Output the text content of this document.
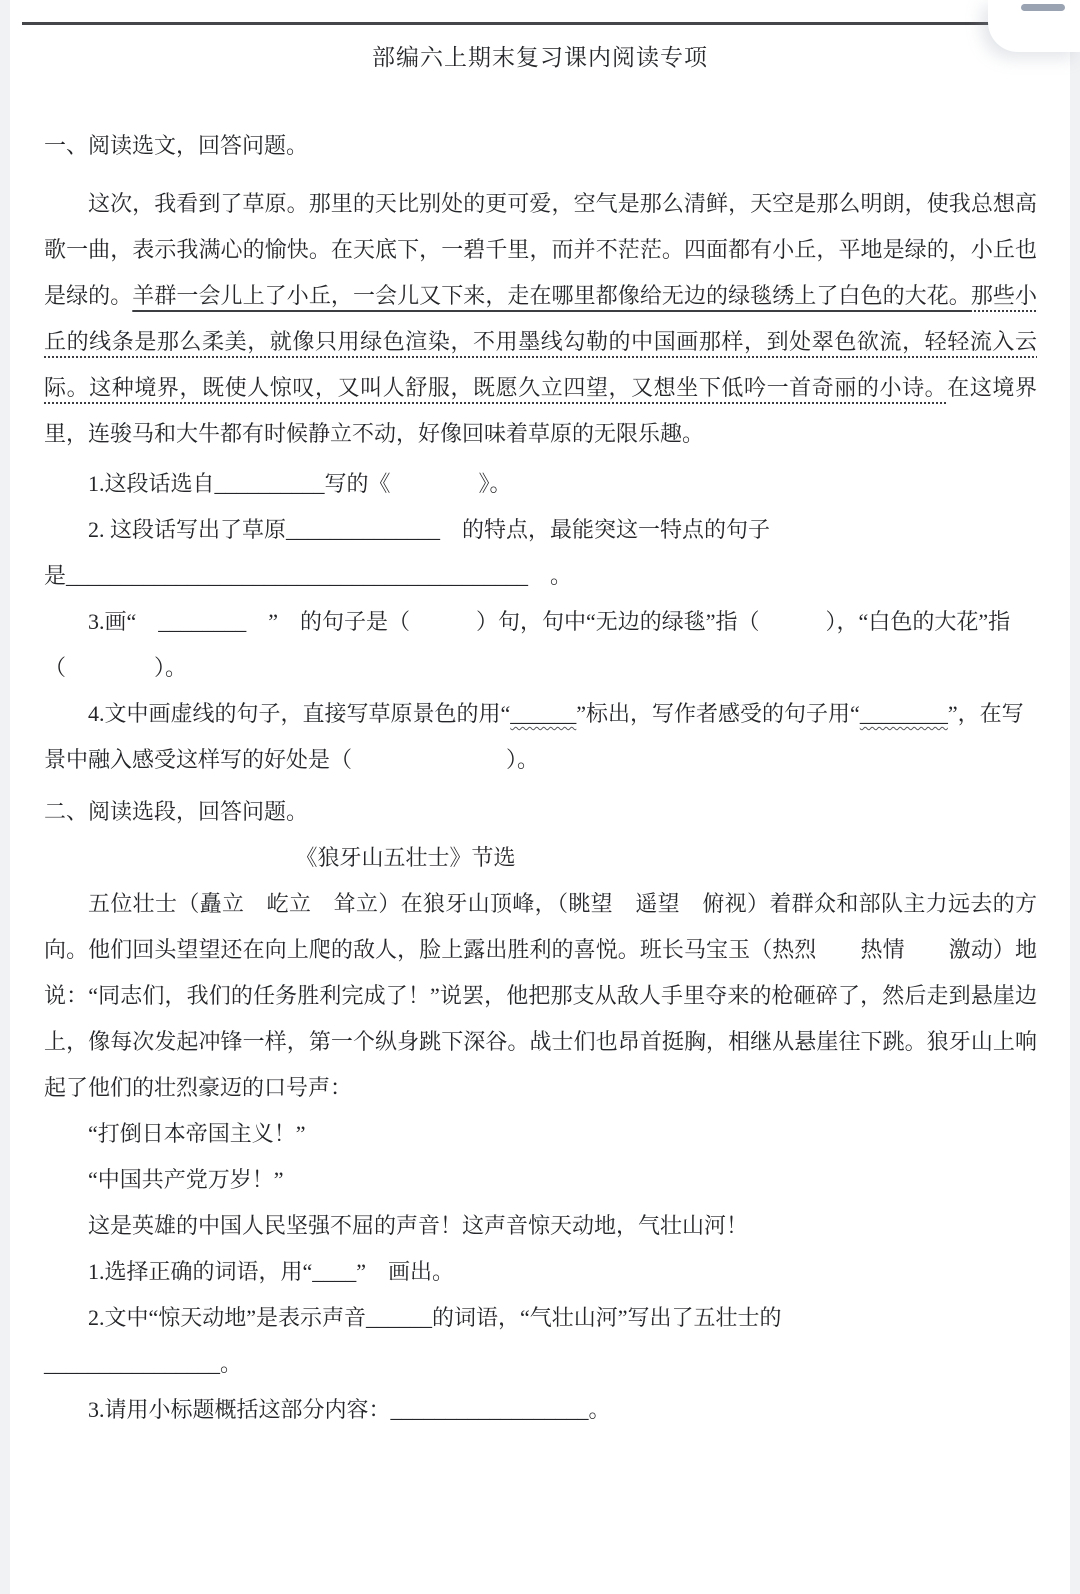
部编六上期末复习课内阅读专项

一、阅读选文，回答问题。

这次，我看到了草原。那里的天比别处的更可爱，空气是那么清鲜，天空是那么明朗，使我总想高歌一曲，表示我满心的愉快。在天底下，一碧千里，而并不茫茫。四面都有小丘，平地是绿的，小丘也是绿的。羊群一会儿上了小丘，一会儿又下来，走在哪里都像给无边的绿毯绣上了白色的大花。那些小丘的线条是那么柔美，就像只用绿色渲染，不用墨线勾勒的中国画那样，到处翠色欲流，轻轻流入云际。这种境界，既使人惊叹，又叫人舒服，既愿久立四望，又想坐下低吟一首奇丽的小诗。在这境界里，连骏马和大牛都有时候静立不动，好像回味着草原的无限乐趣。

1.这段话选自__________写的《　　　　》。

2. 这段话写出了草原______________　的特点，最能突这一特点的句子

是__________________________________________　。

3.画“　________　”　的句子是（　　　）句，句中“无边的绿毯”指（　　　），“白色的大花”指（　　　　）。

4.文中画虚线的句子，直接写草原景色的用“______”标出，写作者感受的句子用“________”，在写景中融入感受这样写的好处是（　　　　　　　）。

二、阅读选段，回答问题。

《狼牙山五壮士》节选

五位壮士（矗立　屹立　耸立）在狼牙山顶峰，（眺望　遥望　俯视）着群众和部队主力远去的方向。他们回头望望还在向上爬的敌人，脸上露出胜利的喜悦。班长马宝玉（热烈　　热情　　激动）地说：“同志们，我们的任务胜利完成了！”说罢，他把那支从敌人手里夺来的枪砸碎了，然后走到悬崖边上，像每次发起冲锋一样，第一个纵身跳下深谷。战士们也昂首挺胸，相继从悬崖往下跳。狼牙山上响起了他们的壮烈豪迈的口号声：

“打倒日本帝国主义！”

“中国共产党万岁！”

这是英雄的中国人民坚强不屈的声音！这声音惊天动地，气壮山河！

1.选择正确的词语，用“____”　画出。

2.文中“惊天动地”是表示声音______的词语，“气壮山河”写出了五壮士的

________________。

3.请用小标题概括这部分内容：__________________。
